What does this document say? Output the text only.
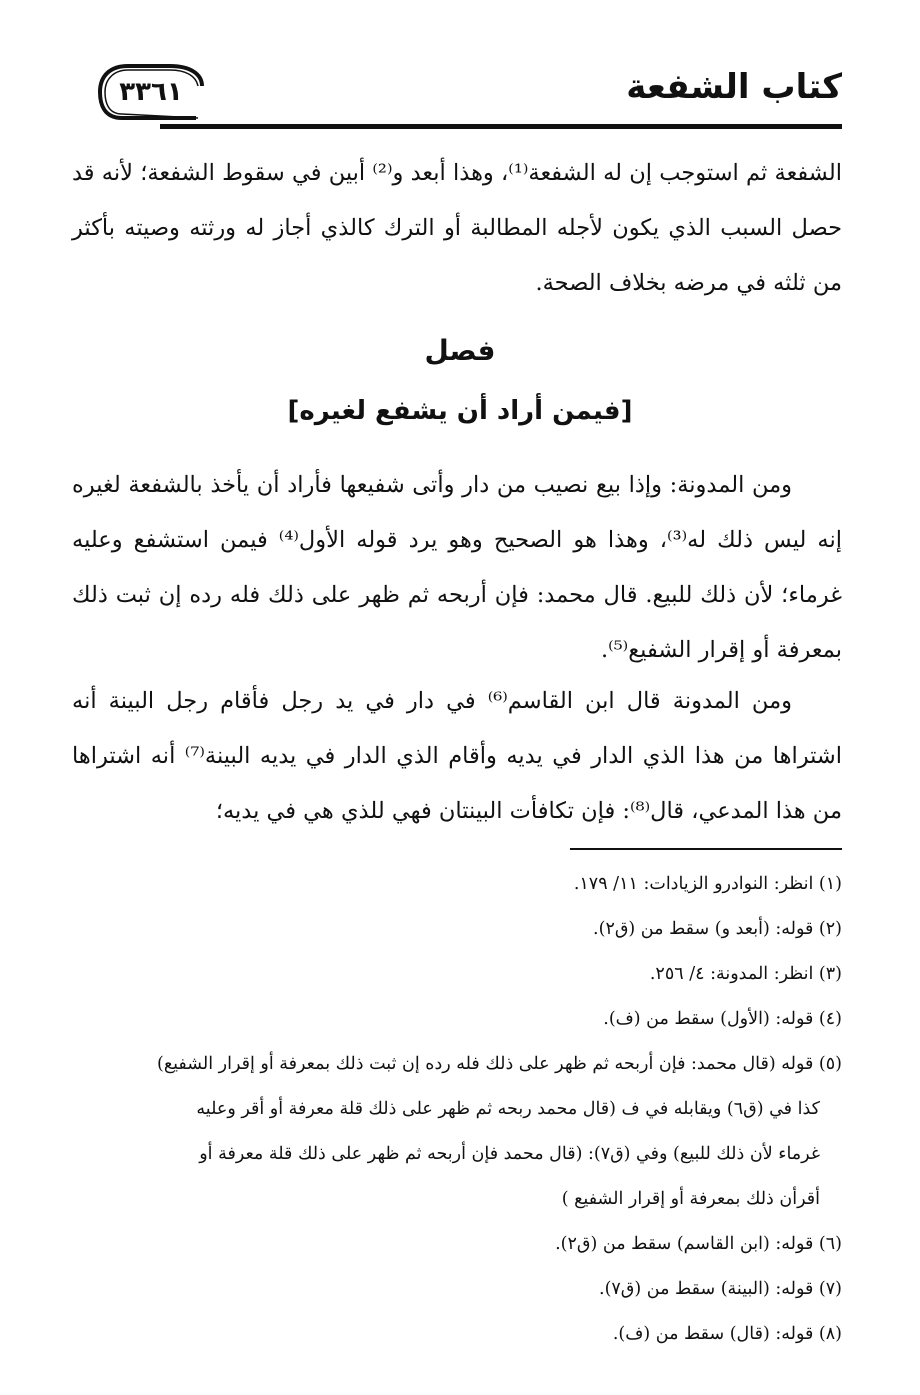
كتاب الشفعة
٣٣٦١
الشفعة ثم استوجب إن له الشفعة⁽¹⁾، وهذا أبعد و⁽²⁾ أبين في سقوط الشفعة؛ لأنه قد حصل السبب الذي يكون لأجله المطالبة أو الترك كالذي أجاز له ورثته وصيته بأكثر من ثلثه في مرضه بخلاف الصحة.
فصل
[فيمن أراد أن يشفع لغيره]
ومن المدونة: وإذا بيع نصيب من دار وأتى شفيعها فأراد أن يأخذ بالشفعة لغيره إنه ليس ذلك له⁽³⁾، وهذا هو الصحيح وهو يرد قوله الأول⁽⁴⁾ فيمن استشفع وعليه غرماء؛ لأن ذلك للبيع. قال محمد: فإن أربحه ثم ظهر على ذلك فله رده إن ثبت ذلك بمعرفة أو إقرار الشفيع⁽⁵⁾.
ومن المدونة قال ابن القاسم⁽⁶⁾ في دار في يد رجل فأقام رجل البينة أنه اشتراها من هذا الذي الدار في يديه وأقام الذي الدار في يديه البينة⁽⁷⁾ أنه اشتراها من هذا المدعي، قال⁽⁸⁾: فإن تكافأت البينتان فهي للذي هي في يديه؛
(١) انظر: النوادرو الزيادات: ١١/ ١٧٩.
(٢) قوله: (أبعد و) سقط من (ق٢).
(٣) انظر: المدونة: ٤/ ٢٥٦.
(٤) قوله: (الأول) سقط من (ف).
(٥) قوله (قال محمد: فإن أربحه ثم ظهر على ذلك فله رده إن ثبت ذلك بمعرفة أو إقرار الشفيع)
كذا في (ق٦) ويقابله في ف (قال محمد ربحه ثم ظهر على ذلك قلة معرفة أو أقر وعليه
غرماء لأن ذلك للبيع) وفي (ق٧): (قال محمد فإن أربحه ثم ظهر على ذلك قلة معرفة أو
أقرأن ذلك بمعرفة أو إقرار الشفيع )
(٦) قوله: (ابن القاسم) سقط من (ق٢).
(٧) قوله: (البينة) سقط من (ق٧).
(٨) قوله: (قال) سقط من (ف).
